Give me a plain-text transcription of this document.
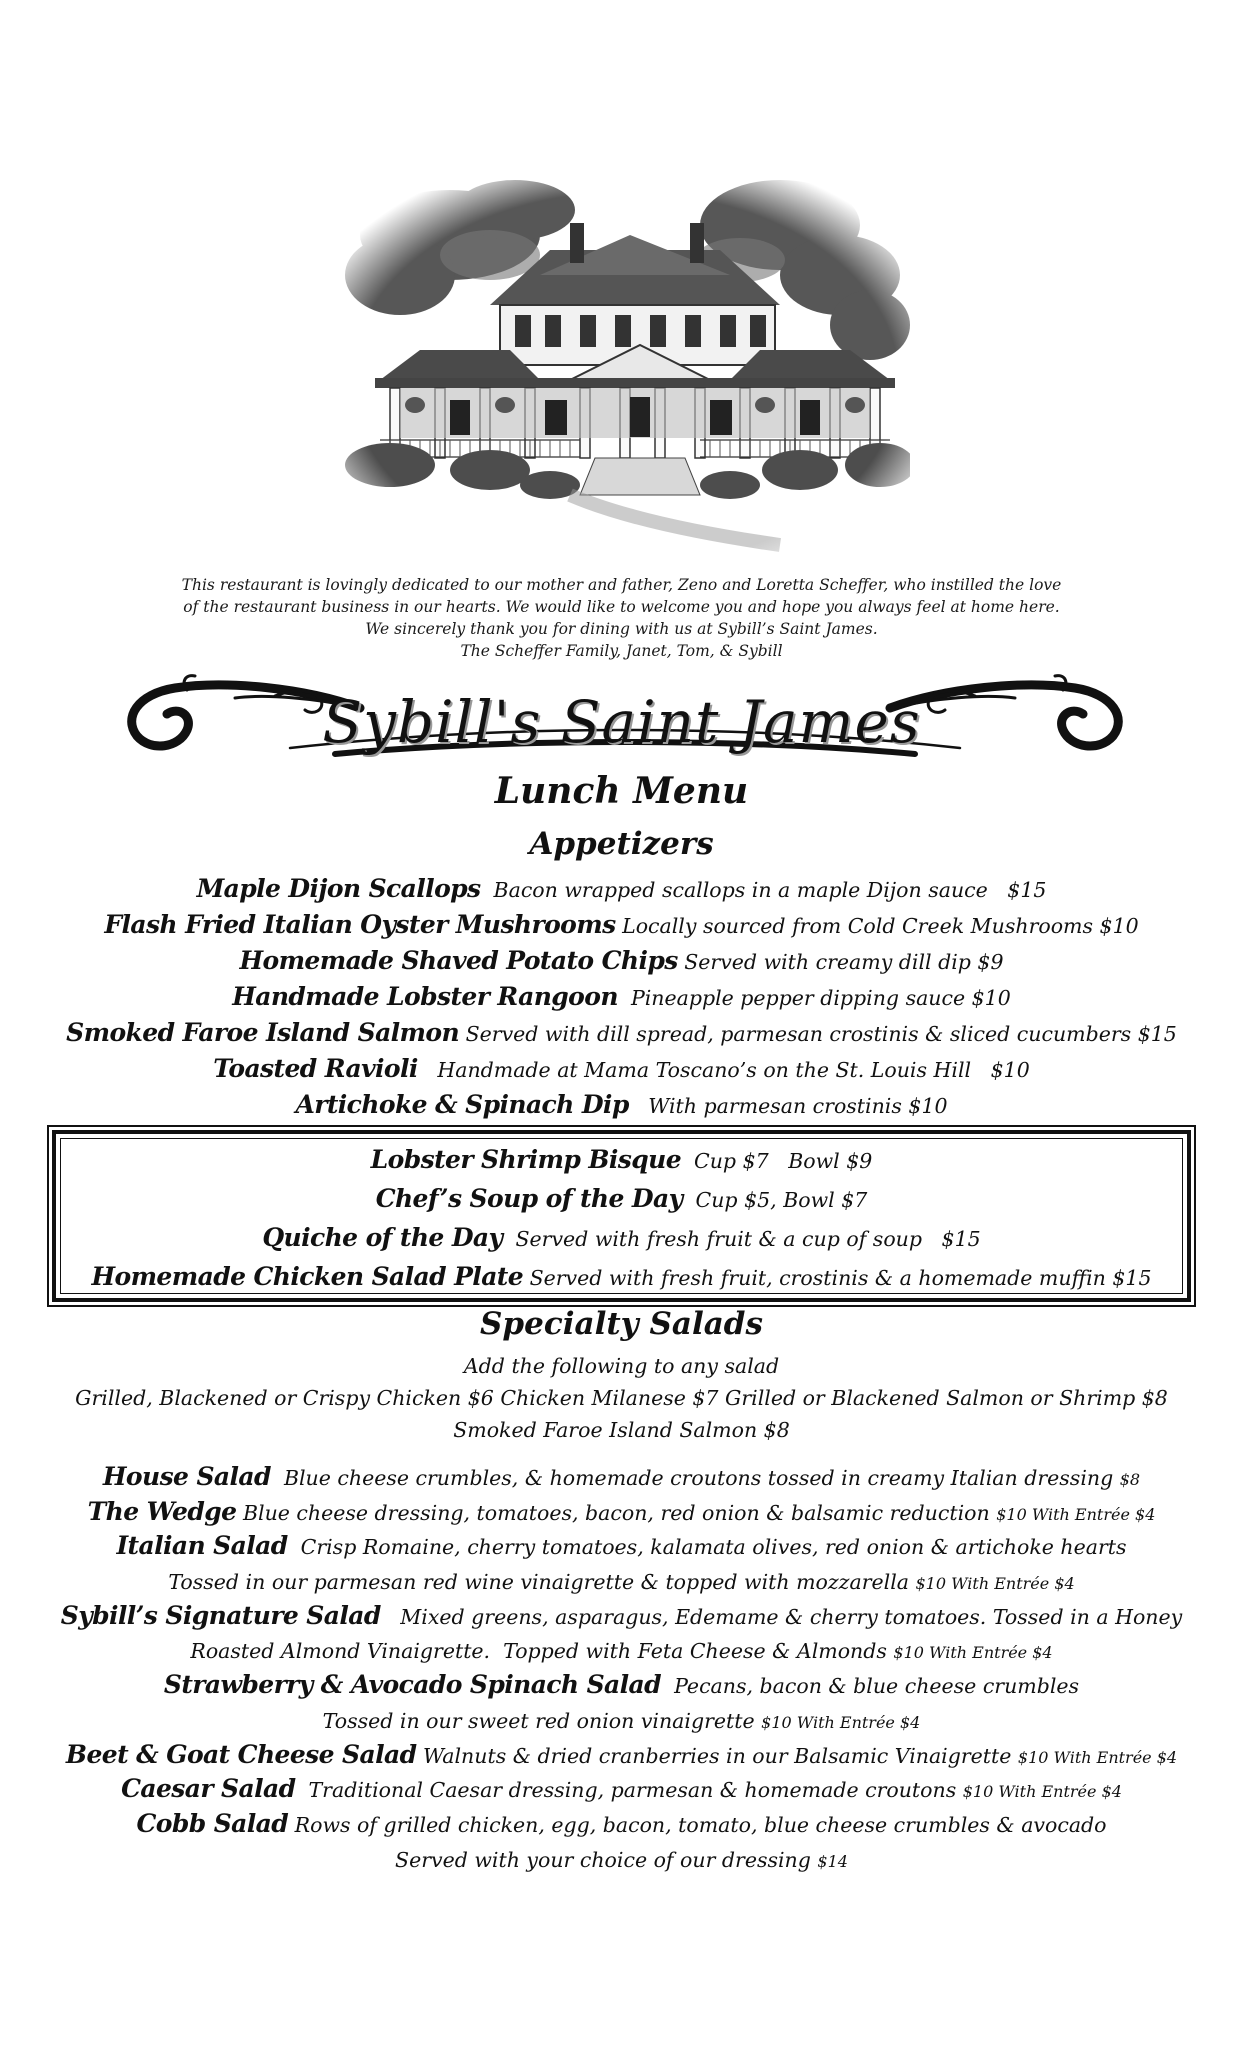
This restaurant is lovingly dedicated to our mother and father, Zeno and Loretta Scheffer, who instilled the love
of the restaurant business in our hearts. We would like to welcome you and hope you always feel at home here.
We sincerely thank you for dining with us at Sybill’s Saint James.
The Scheffer Family, Janet, Tom, & Sybill
Sybill's Saint James
Lunch Menu
Appetizers
Maple Dijon Scallops  Bacon wrapped scallops in a maple Dijon sauce   $15
Flash Fried Italian Oyster Mushrooms Locally sourced from Cold Creek Mushrooms $10
Homemade Shaved Potato Chips Served with creamy dill dip $9
Handmade Lobster Rangoon  Pineapple pepper dipping sauce $10
Smoked Faroe Island Salmon Served with dill spread, parmesan crostinis & sliced cucumbers $15
Toasted Ravioli   Handmade at Mama Toscano’s on the St. Louis Hill   $10
Artichoke & Spinach Dip   With parmesan crostinis $10
Lobster Shrimp Bisque  Cup $7   Bowl $9
Chef’s Soup of the Day  Cup $5, Bowl $7
Quiche of the Day  Served with fresh fruit & a cup of soup   $15
Homemade Chicken Salad Plate Served with fresh fruit, crostinis & a homemade muffin $15
Specialty Salads
Add the following to any salad
Grilled, Blackened or Crispy Chicken $6 Chicken Milanese $7 Grilled or Blackened Salmon or Shrimp $8
Smoked Faroe Island Salmon $8
House Salad  Blue cheese crumbles, & homemade croutons tossed in creamy Italian dressing $8
The Wedge Blue cheese dressing, tomatoes, bacon, red onion & balsamic reduction $10 With Entrée $4
Italian Salad  Crisp Romaine, cherry tomatoes, kalamata olives, red onion & artichoke hearts
Tossed in our parmesan red wine vinaigrette & topped with mozzarella $10 With Entrée $4
Sybill’s Signature Salad   Mixed greens, asparagus, Edemame & cherry tomatoes. Tossed in a Honey
Roasted Almond Vinaigrette.  Topped with Feta Cheese & Almonds $10 With Entrée $4
Strawberry & Avocado Spinach Salad  Pecans, bacon & blue cheese crumbles
Tossed in our sweet red onion vinaigrette $10 With Entrée $4
Beet & Goat Cheese Salad Walnuts & dried cranberries in our Balsamic Vinaigrette $10 With Entrée $4
Caesar Salad  Traditional Caesar dressing, parmesan & homemade croutons $10 With Entrée $4
Cobb Salad Rows of grilled chicken, egg, bacon, tomato, blue cheese crumbles & avocado
Served with your choice of our dressing $14
